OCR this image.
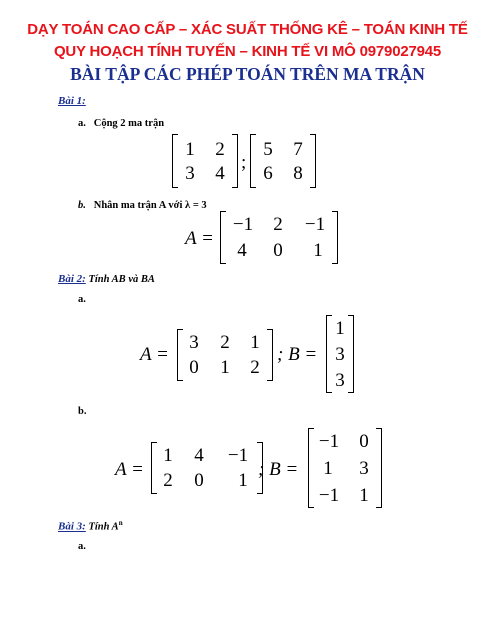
DẠY TOÁN CAO CẤP – XÁC SUẤT THỐNG KÊ – TOÁN KINH TẾ
QUY HOẠCH TÍNH TUYẾN – KINH TẾ VI MÔ 0979027945
BÀI TẬP CÁC PHÉP TOÁN TRÊN MA TRẬN
Bài 1:
a. Cộng 2 ma trận
1	2
3	4
;
5	7
6	8
b. Nhân ma trận A với λ = 3
A =
−1	2	−1
4	0	1
Bài 2: Tính AB và BA
a.
A =
3	2	1
0	1	2
; B =
1
3
3
b.
A =
1	4	−1
2	0	1
; B =
−1	0
1	3
−1	1
Bài 3: Tính $A^n$
a.
